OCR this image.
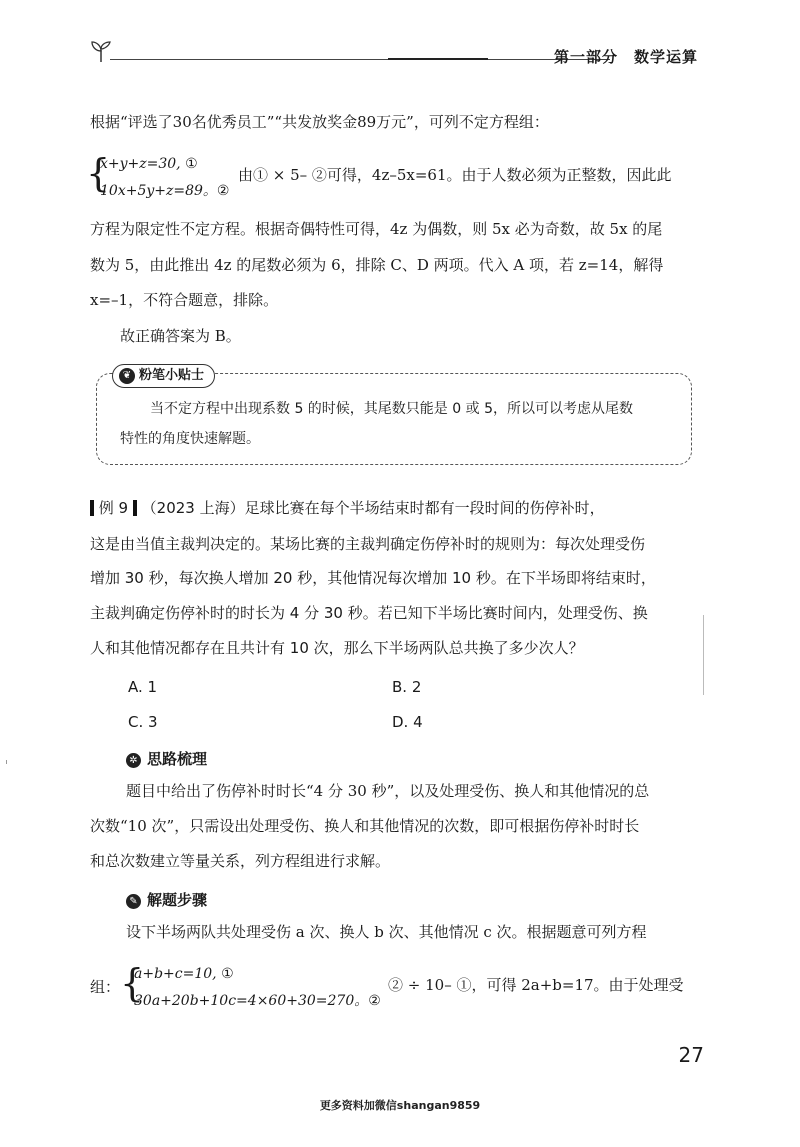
第一部分　数学运算
根据“评选了30名优秀员工”“共发放奖金89万元”，可列不定方程组：
{
x+y+z=30, ①
10x+5y+z=89。②
由① × 5– ②可得，4z–5x=61。由于人数必须为正整数，因此此
方程为限定性不定方程。根据奇偶特性可得，4z 为偶数，则 5x 必为奇数，故 5x 的尾
数为 5，由此推出 4z 的尾数必须为 6，排除 C、D 两项。代入 A 项，若 z=14，解得
x=–1，不符合题意，排除。
故正确答案为 B。
❦ 粉笔小贴士
当不定方程中出现系数 5 的时候，其尾数只能是 0 或 5，所以可以考虑从尾数
特性的角度快速解题。
例 9 （2023 上海）足球比赛在每个半场结束时都有一段时间的伤停补时，
这是由当值主裁判决定的。某场比赛的主裁判确定伤停补时的规则为：每次处理受伤
增加 30 秒，每次换人增加 20 秒，其他情况每次增加 10 秒。在下半场即将结束时，
主裁判确定伤停补时的时长为 4 分 30 秒。若已知下半场比赛时间内，处理受伤、换
人和其他情况都存在且共计有 10 次，那么下半场两队总共换了多少次人？
A. 1	B. 2
C. 3	D. 4
✲ 思路梳理
题目中给出了伤停补时时长“4 分 30 秒”，以及处理受伤、换人和其他情况的总
次数“10 次”，只需设出处理受伤、换人和其他情况的次数，即可根据伤停补时时长
和总次数建立等量关系，列方程组进行求解。
✎ 解题步骤
设下半场两队共处理受伤 a 次、换人 b 次、其他情况 c 次。根据题意可列方程
组： {
a+b+c=10, ①
30a+20b+10c=4×60+30=270。②
② ÷ 10– ①，可得 2a+b=17。由于处理受
27
更多资料加微信shangan9859
